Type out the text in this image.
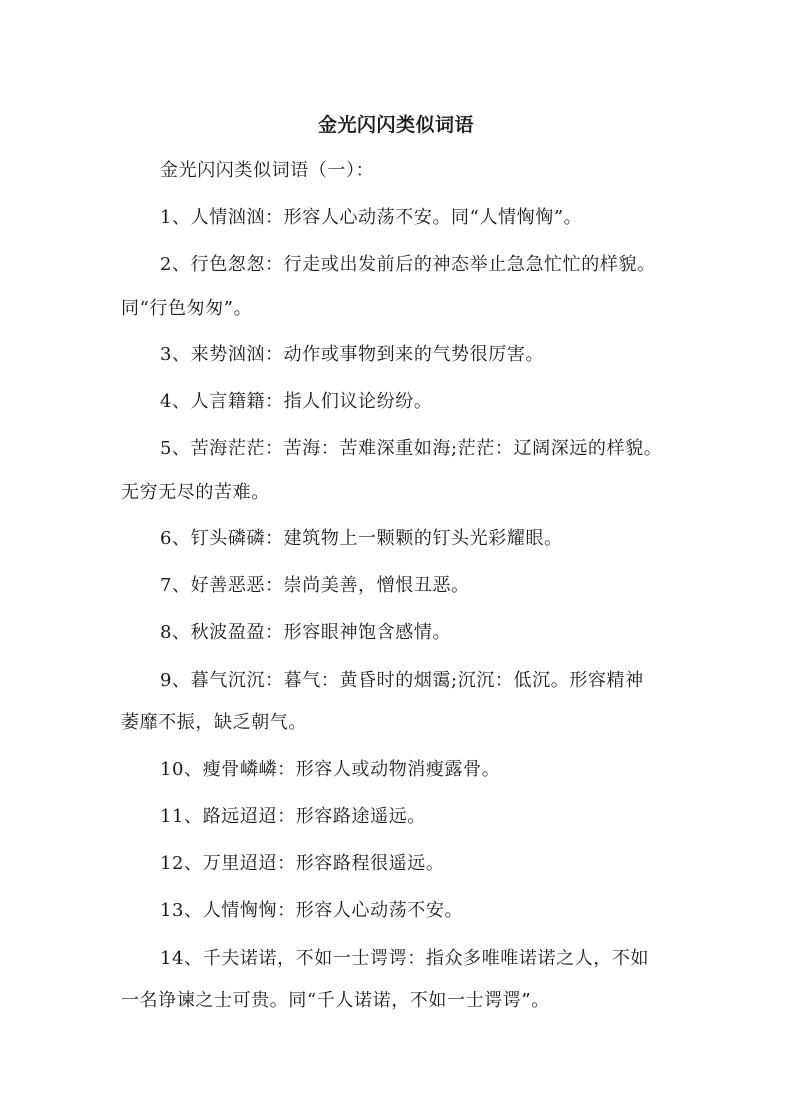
金光闪闪类似词语
金光闪闪类似词语（一）：
1、人情汹汹：形容人心动荡不安。同“人情恟恟”。
2、行色怱怱：行走或出发前后的神态举止急急忙忙的样貌。
同“行色匆匆”。
3、来势汹汹：动作或事物到来的气势很厉害。
4、人言籍籍：指人们议论纷纷。
5、苦海茫茫：苦海：苦难深重如海;茫茫：辽阔深远的样貌。
无穷无尽的苦难。
6、钉头磷磷：建筑物上一颗颗的钉头光彩耀眼。
7、好善恶恶：崇尚美善，憎恨丑恶。
8、秋波盈盈：形容眼神饱含感情。
9、暮气沉沉：暮气：黄昏时的烟霭;沉沉：低沉。形容精神
萎靡不振，缺乏朝气。
10、瘦骨嶙嶙：形容人或动物消瘦露骨。
11、路远迢迢：形容路途遥远。
12、万里迢迢：形容路程很遥远。
13、人情恟恟：形容人心动荡不安。
14、千夫诺诺，不如一士谔谔：指众多唯唯诺诺之人，不如
一名诤谏之士可贵。同“千人诺诺，不如一士谔谔”。
